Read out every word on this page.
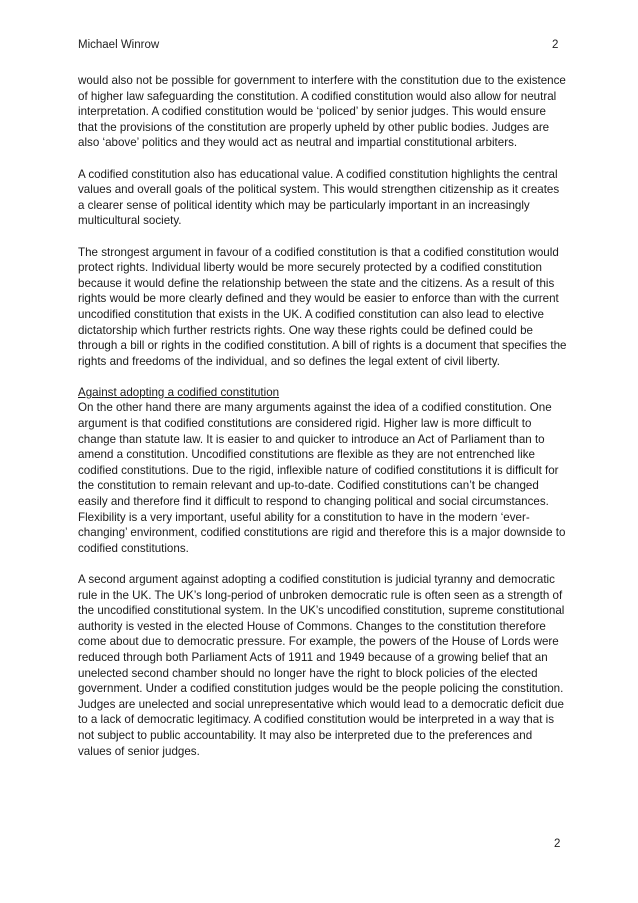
Michael Winrow	2

would also not be possible for government to interfere with the constitution due to the existence of higher law safeguarding the constitution. A codified constitution would also allow for neutral interpretation. A codified constitution would be ‘policed’ by senior judges. This would ensure that the provisions of the constitution are properly upheld by other public bodies. Judges are also ‘above’ politics and they would act as neutral and impartial constitutional arbiters.

A codified constitution also has educational value. A codified constitution highlights the central values and overall goals of the political system. This would strengthen citizenship as it creates a clearer sense of political identity which may be particularly important in an increasingly multicultural society.

The strongest argument in favour of a codified constitution is that a codified constitution would protect rights. Individual liberty would be more securely protected by a codified constitution because it would define the relationship between the state and the citizens. As a result of this rights would be more clearly defined and they would be easier to enforce than with the current uncodified constitution that exists in the UK. A codified constitution can also lead to elective dictatorship which further restricts rights. One way these rights could be defined could be through a bill or rights in the codified constitution. A bill of rights is a document that specifies the rights and freedoms of the individual, and so defines the legal extent of civil liberty.

Against adopting a codified constitution

On the other hand there are many arguments against the idea of a codified constitution. One argument is that codified constitutions are considered rigid. Higher law is more difficult to change than statute law. It is easier to and quicker to introduce an Act of Parliament than to amend a constitution. Uncodified constitutions are flexible as they are not entrenched like codified constitutions. Due to the rigid, inflexible nature of codified constitutions it is difficult for the constitution to remain relevant and up-to-date. Codified constitutions can’t be changed easily and therefore find it difficult to respond to changing political and social circumstances. Flexibility is a very important, useful ability for a constitution to have in the modern ‘ever-changing’ environment, codified constitutions are rigid and therefore this is a major downside to codified constitutions.

A second argument against adopting a codified constitution is judicial tyranny and democratic rule in the UK. The UK’s long-period of unbroken democratic rule is often seen as a strength of the uncodified constitutional system. In the UK’s uncodified constitution, supreme constitutional authority is vested in the elected House of Commons. Changes to the constitution therefore come about due to democratic pressure. For example, the powers of the House of Lords were reduced through both Parliament Acts of 1911 and 1949 because of a growing belief that an unelected second chamber should no longer have the right to block policies of the elected government. Under a codified constitution judges would be the people policing the constitution. Judges are unelected and social unrepresentative which would lead to a democratic deficit due to a lack of democratic legitimacy. A codified constitution would be interpreted in a way that is not subject to public accountability. It may also be interpreted due to the preferences and values of senior judges.

2
